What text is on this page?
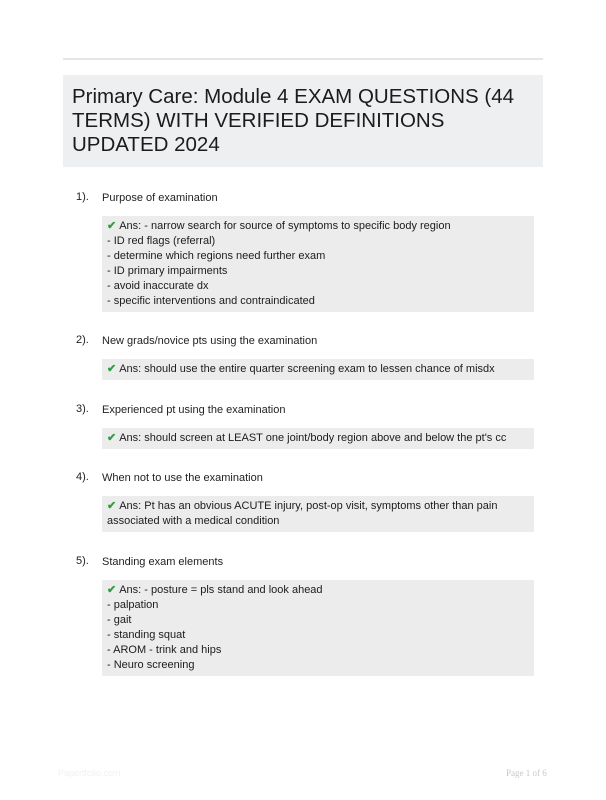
Primary Care: Module 4 EXAM QUESTIONS (44 TERMS) WITH VERIFIED DEFINITIONS UPDATED 2024
1). Purpose of examination
✔ Ans: - narrow search for source of symptoms to specific body region
- ID red flags (referral)
- determine which regions need further exam
- ID primary impairments
- avoid inaccurate dx
- specific interventions and contraindicated
2). New grads/novice pts using the examination
✔ Ans: should use the entire quarter screening exam to lessen chance of misdx
3). Experienced pt using the examination
✔ Ans: should screen at LEAST one joint/body region above and below the pt's cc
4). When not to use the examination
✔ Ans: Pt has an obvious ACUTE injury, post-op visit, symptoms other than pain
associated with a medical condition
5). Standing exam elements
✔ Ans: - posture = pls stand and look ahead
- palpation
- gait
- standing squat
- AROM - trink and hips
- Neuro screening
Papertfolio.com	Page 1 of 6
